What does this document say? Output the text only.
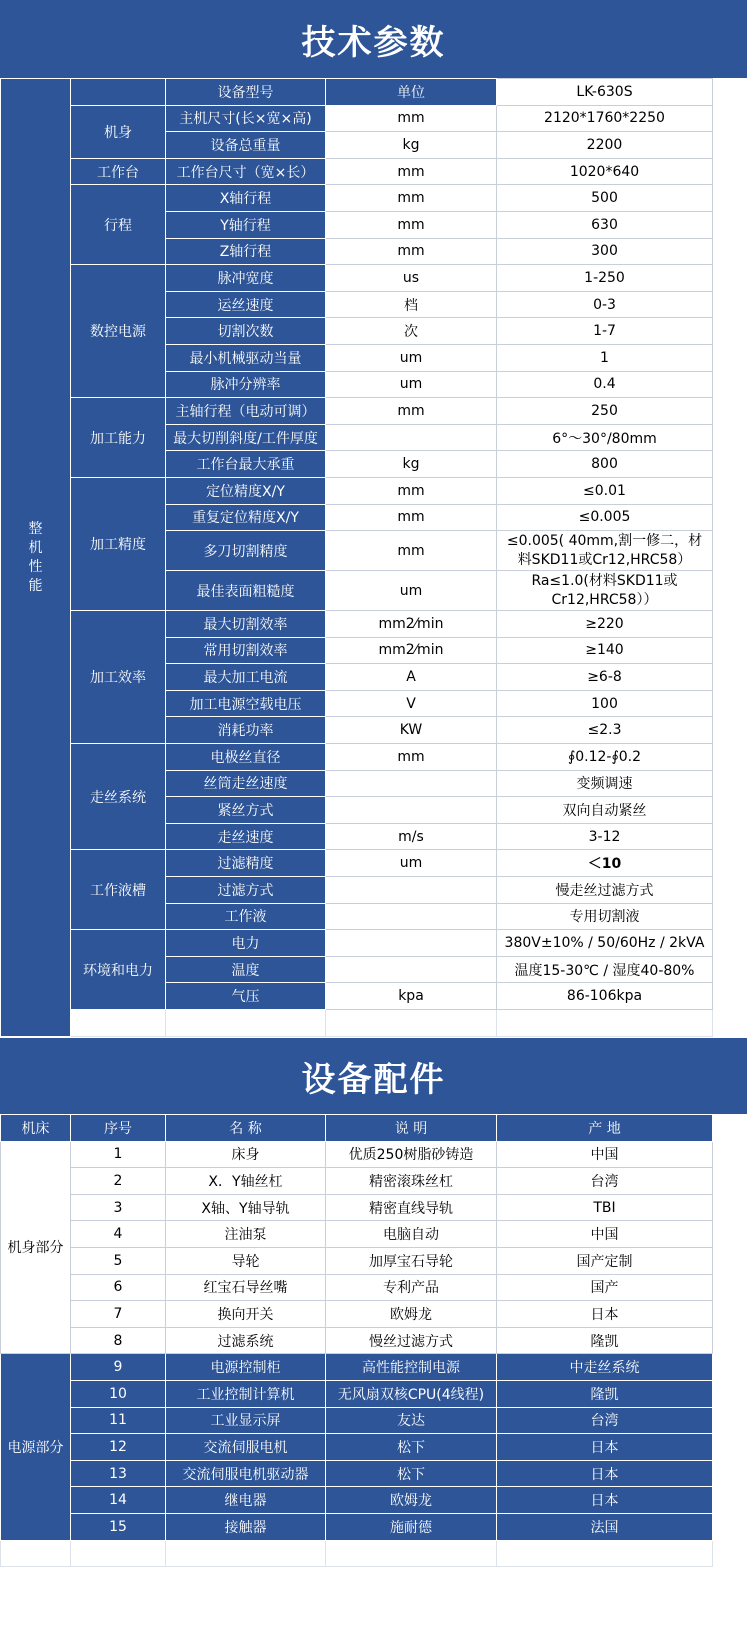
技术参数
整机性能		设备型号	单位	LK-630S
	机身	主机尺寸(长×宽×高)	mm	2120*1760*2250
		设备总重量	kg	2200
	工作台	工作台尺寸（宽×长）	mm	1020*640
	行程	X轴行程	mm	500
		Y轴行程	mm	630
		Z轴行程	mm	300
	数控电源	脉冲宽度	us	1-250
		运丝速度	档	0-3
		切割次数	次	1-7
		最小机械驱动当量	um	1
		脉冲分辨率	um	0.4
	加工能力	主轴行程（电动可调）	mm	250
		最大切削斜度/工件厚度		6°～30°/80mm
		工作台最大承重	kg	800
	加工精度	定位精度X/Y	mm	≤0.01
		重复定位精度X/Y	mm	≤0.005
		多刀切割精度	mm	≤0.005( 40mm,割一修二，材料SKD11或Cr12,HRC58）
		最佳表面粗糙度	um	Ra≤1.0(材料SKD11或Cr12,HRC58））
	加工效率	最大切割效率	mm2⁄min	≥220
		常用切割效率	mm2⁄min	≥140
		最大加工电流	A	≥6-8
		加工电源空载电压	V	100
		消耗功率	KW	≤2.3
	走丝系统	电极丝直径	mm	∮0.12-∮0.2
		丝筒走丝速度		变频调速
		紧丝方式		双向自动紧丝
		走丝速度	m/s	3-12
	工作液槽	过滤精度	um	＜10
		过滤方式		慢走丝过滤方式
		工作液		专用切割液
	环境和电力	电力		380V±10% / 50/60Hz / 2kVA
		温度		温度15-30℃ / 湿度40-80%
		气压	kpa	86-106kpa

设备配件
机床	序号	名 称	说 明	产 地
机身部分	1	床身	优质250树脂砂铸造	中国
	2	X．Y轴丝杠	精密滚珠丝杠	台湾
	3	X轴、Y轴导轨	精密直线导轨	TBI
	4	注油泵	电脑自动	中国
	5	导轮	加厚宝石导轮	国产定制
	6	红宝石导丝嘴	专利产品	国产
	7	换向开关	欧姆龙	日本
	8	过滤系统	慢丝过滤方式	隆凯
电源部分	9	电源控制柜	高性能控制电源	中走丝系统
	10	工业控制计算机	无风扇双核CPU(4线程)	隆凯
	11	工业显示屏	友达	台湾
	12	交流伺服电机	松下	日本
	13	交流伺服电机驱动器	松下	日本
	14	继电器	欧姆龙	日本
	15	接触器	施耐德	法国
